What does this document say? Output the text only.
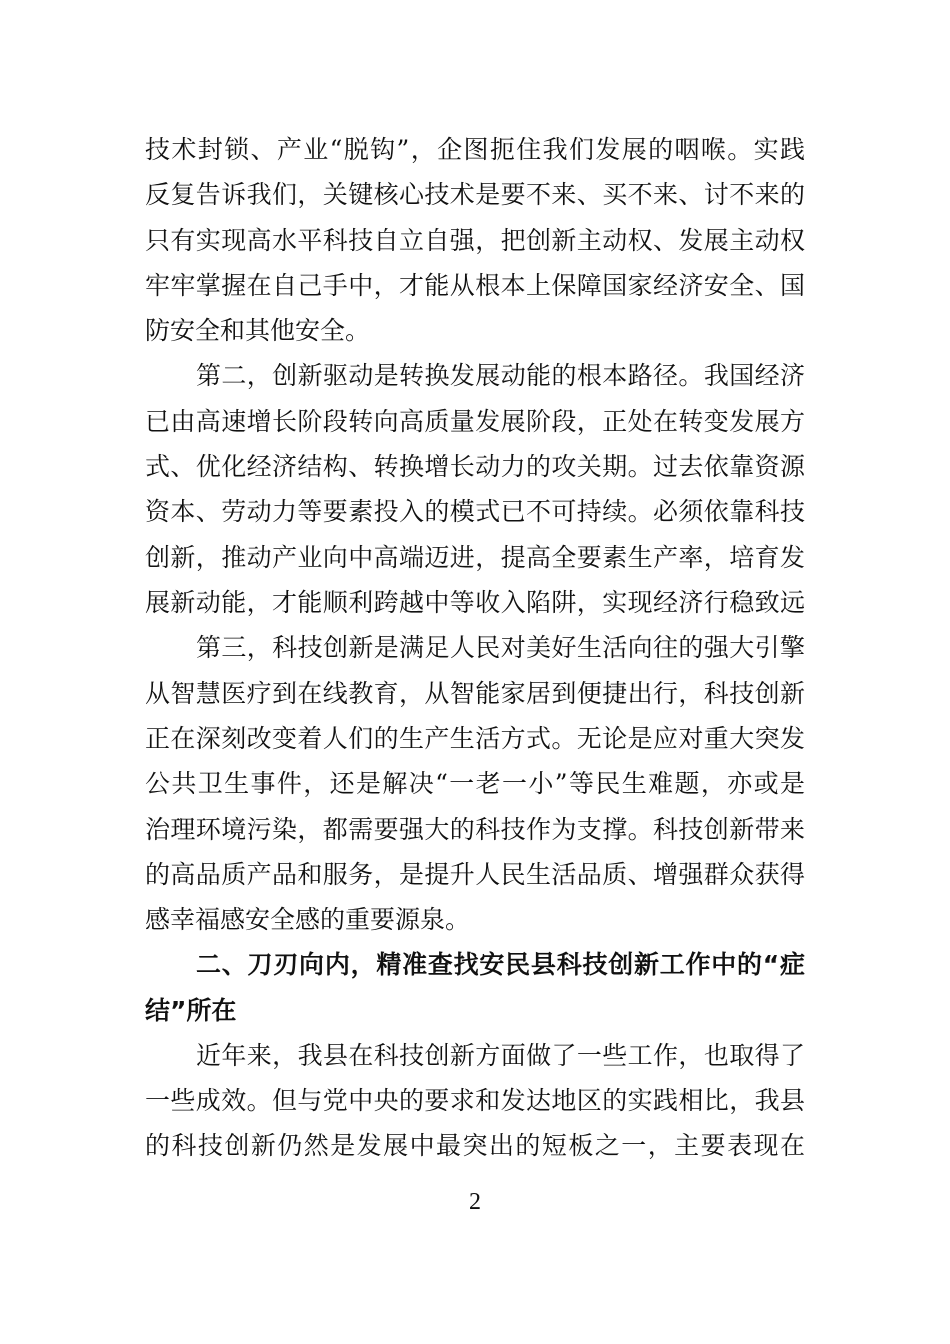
技术封锁、产业“脱钩”，企图扼住我们发展的咽喉。实践
反复告诉我们，关键核心技术是要不来、买不来、讨不来的
只有实现高水平科技自立自强，把创新主动权、发展主动权
牢牢掌握在自己手中，才能从根本上保障国家经济安全、国
防安全和其他安全。
第二，创新驱动是转换发展动能的根本路径。我国经济
已由高速增长阶段转向高质量发展阶段，正处在转变发展方
式、优化经济结构、转换增长动力的攻关期。过去依靠资源
资本、劳动力等要素投入的模式已不可持续。必须依靠科技
创新，推动产业向中高端迈进，提高全要素生产率，培育发
展新动能，才能顺利跨越中等收入陷阱，实现经济行稳致远
第三，科技创新是满足人民对美好生活向往的强大引擎
从智慧医疗到在线教育，从智能家居到便捷出行，科技创新
正在深刻改变着人们的生产生活方式。无论是应对重大突发
公共卫生事件，还是解决“一老一小”等民生难题，亦或是
治理环境污染，都需要强大的科技作为支撑。科技创新带来
的高品质产品和服务，是提升人民生活品质、增强群众获得
感幸福感安全感的重要源泉。
二、刀刃向内，精准查找安民县科技创新工作中的“症
结”所在
近年来，我县在科技创新方面做了一些工作，也取得了
一些成效。但与党中央的要求和发达地区的实践相比，我县
的科技创新仍然是发展中最突出的短板之一，主要表现在
2
